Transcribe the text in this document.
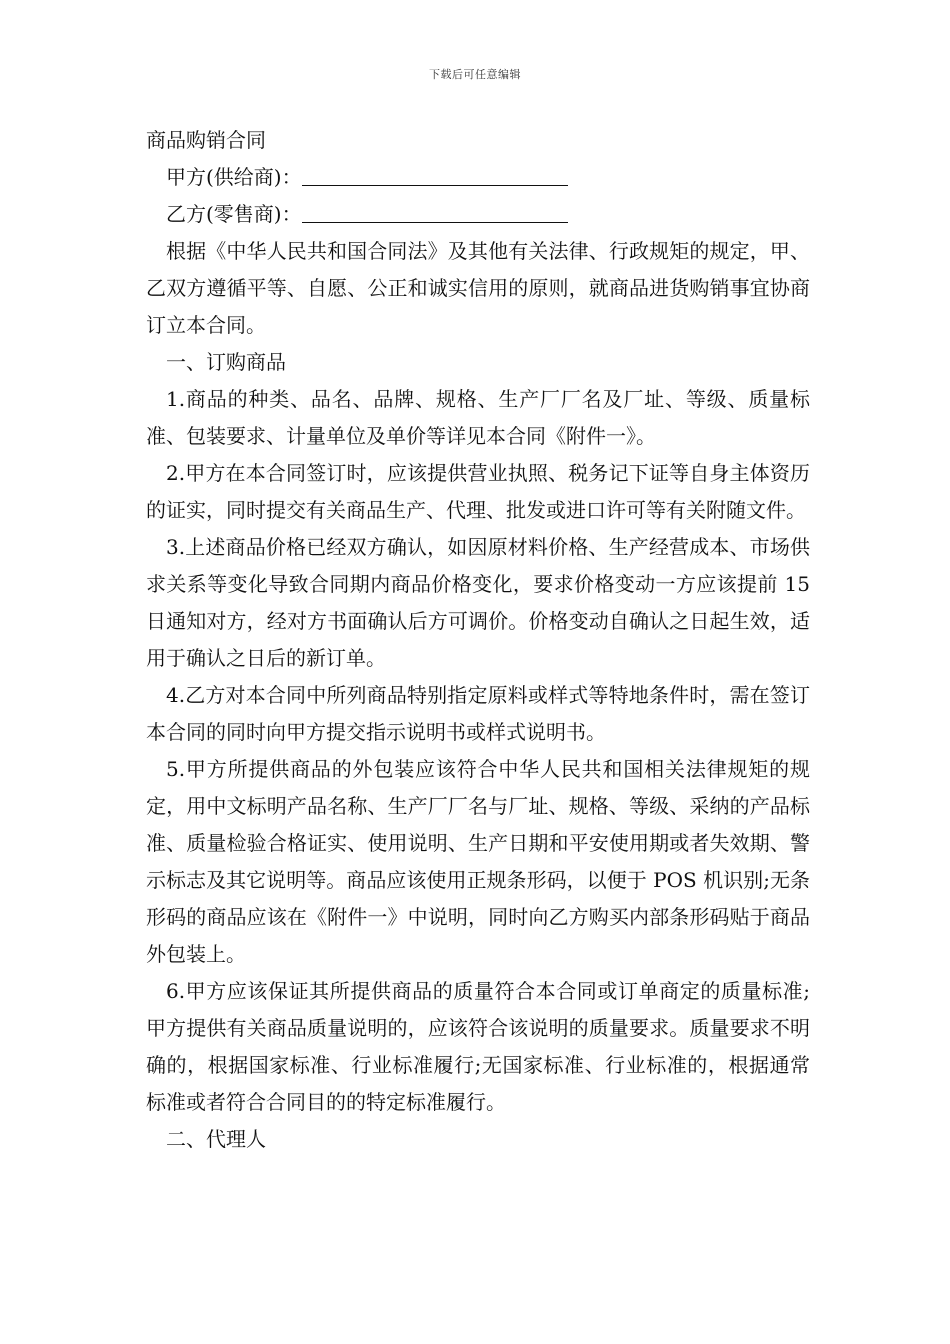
下载后可任意编辑

商品购销合同

甲方(供给商)：

乙方(零售商)：

根据《中华人民共和国合同法》及其他有关法律、行政规矩的规定，甲、乙双方遵循平等、自愿、公正和诚实信用的原则，就商品进货购销事宜协商订立本合同。

一、订购商品

1.商品的种类、品名、品牌、规格、生产厂厂名及厂址、等级、质量标准、包装要求、计量单位及单价等详见本合同《附件一》。

2.甲方在本合同签订时，应该提供营业执照、税务记下证等自身主体资历的证实，同时提交有关商品生产、代理、批发或进口许可等有关附随文件。

3.上述商品价格已经双方确认，如因原材料价格、生产经营成本、市场供求关系等变化导致合同期内商品价格变化，要求价格变动一方应该提前 15 日通知对方，经对方书面确认后方可调价。价格变动自确认之日起生效，适用于确认之日后的新订单。

4.乙方对本合同中所列商品特别指定原料或样式等特地条件时，需在签订本合同的同时向甲方提交指示说明书或样式说明书。

5.甲方所提供商品的外包装应该符合中华人民共和国相关法律规矩的规定，用中文标明产品名称、生产厂厂名与厂址、规格、等级、采纳的产品标准、质量检验合格证实、使用说明、生产日期和平安使用期或者失效期、警示标志及其它说明等。商品应该使用正规条形码，以便于 POS 机识别;无条形码的商品应该在《附件一》中说明，同时向乙方购买内部条形码贴于商品外包装上。

6.甲方应该保证其所提供商品的质量符合本合同或订单商定的质量标准;甲方提供有关商品质量说明的，应该符合该说明的质量要求。质量要求不明确的，根据国家标准、行业标准履行;无国家标准、行业标准的，根据通常标准或者符合合同目的的特定标准履行。

二、代理人
